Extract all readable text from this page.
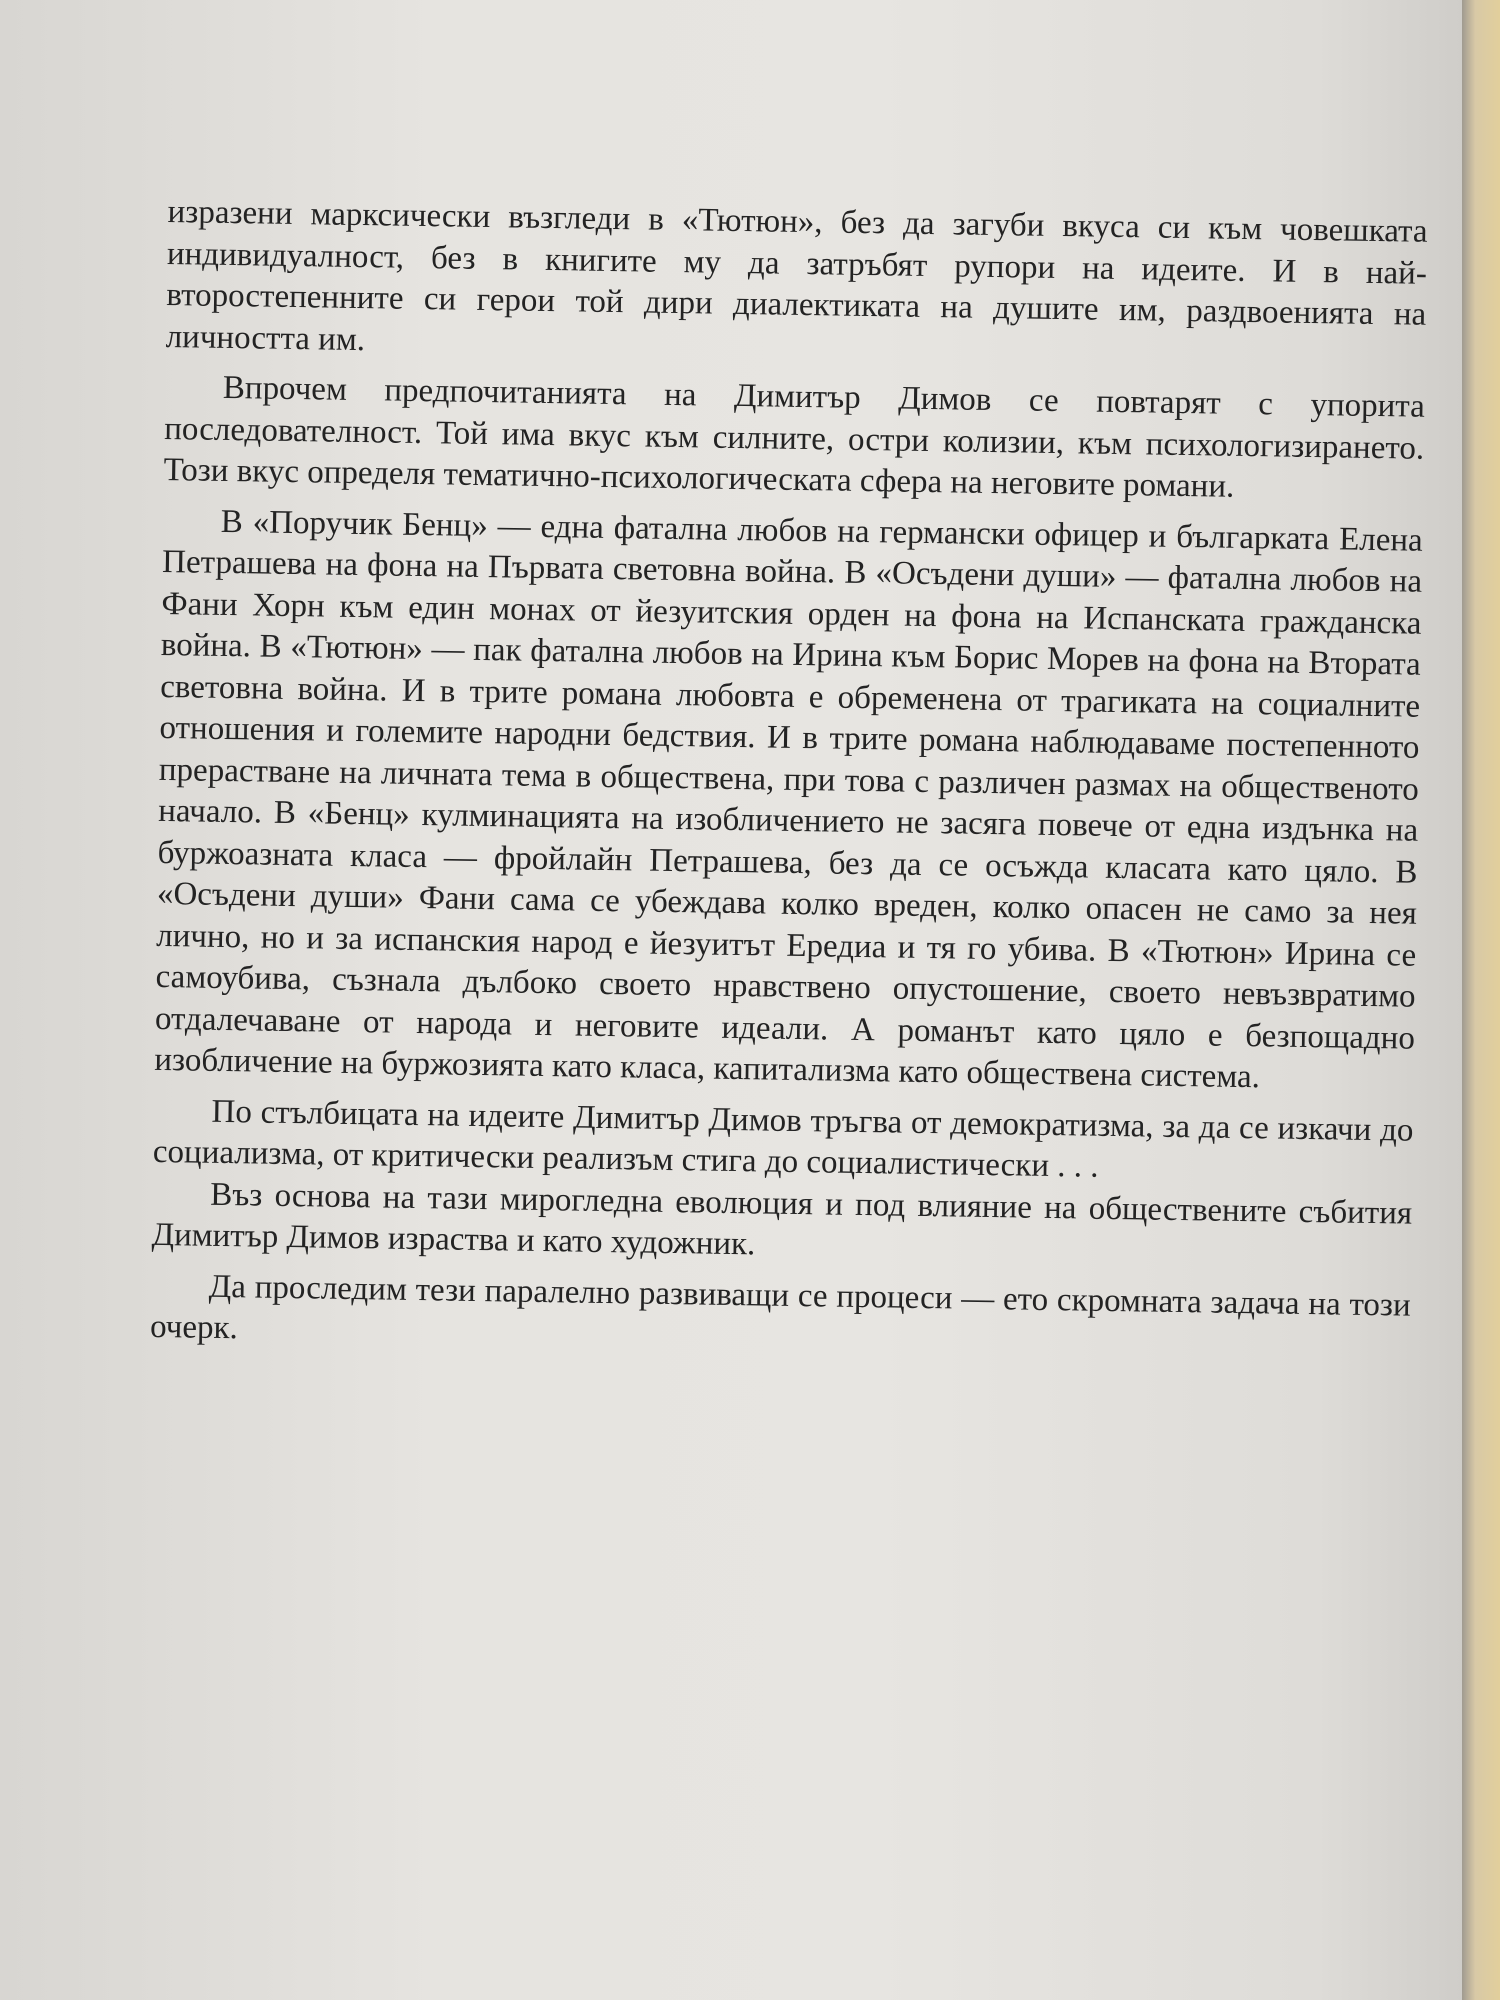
изразени марксически възгледи в «Тютюн», без да загуби вкуса си към човешката индивидуалност, без в книгите му да затръбят рупори на идеите. И в най-второстепенните си герои той дири диалектиката на душите им, раздвоенията на личността им.

Впрочем предпочитанията на Димитър Димов се повтарят с упорита последователност. Той има вкус към силните, остри колизии, към психологизирането. Този вкус определя тематично-психологическата сфера на неговите романи.

В «Поручик Бенц» — една фатална любов на германски офицер и българката Елена Петрашева на фона на Първата световна война. В «Осъдени души» — фатална любов на Фани Хорн към един монах от йезуитския орден на фона на Испанската гражданска война. В «Тютюн» — пак фатална любов на Ирина към Борис Морев на фона на Втората световна война. И в трите романа любовта е обременена от трагиката на социалните отношения и големите народни бедствия. И в трите романа наблюдаваме постепенното прерастване на личната тема в обществена, при това с различен размах на общественото начало. В «Бенц» кулминацията на изобличението не засяга повече от една издънка на буржоазната класа — фройлайн Петрашева, без да се осъжда класата като цяло. В «Осъдени души» Фани сама се убеждава колко вреден, колко опасен не само за нея лично, но и за испанския народ е йезуитът Ередиа и тя го убива. В «Тютюн» Ирина се самоубива, съзнала дълбоко своето нравствено опустошение, своето невъзвратимо отдалечаване от народа и неговите идеали. А романът като цяло е безпощадно изобличение на буржозията като класа, капитализма като обществена система.

По стълбицата на идеите Димитър Димов тръгва от демократизма, за да се изкачи до социализма, от критически реализъм стига до социалистически . . .

Въз основа на тази мирогледна еволюция и под влияние на обществените събития Димитър Димов израства и като художник.

Да проследим тези паралелно развиващи се процеси — ето скромната задача на този очерк.
